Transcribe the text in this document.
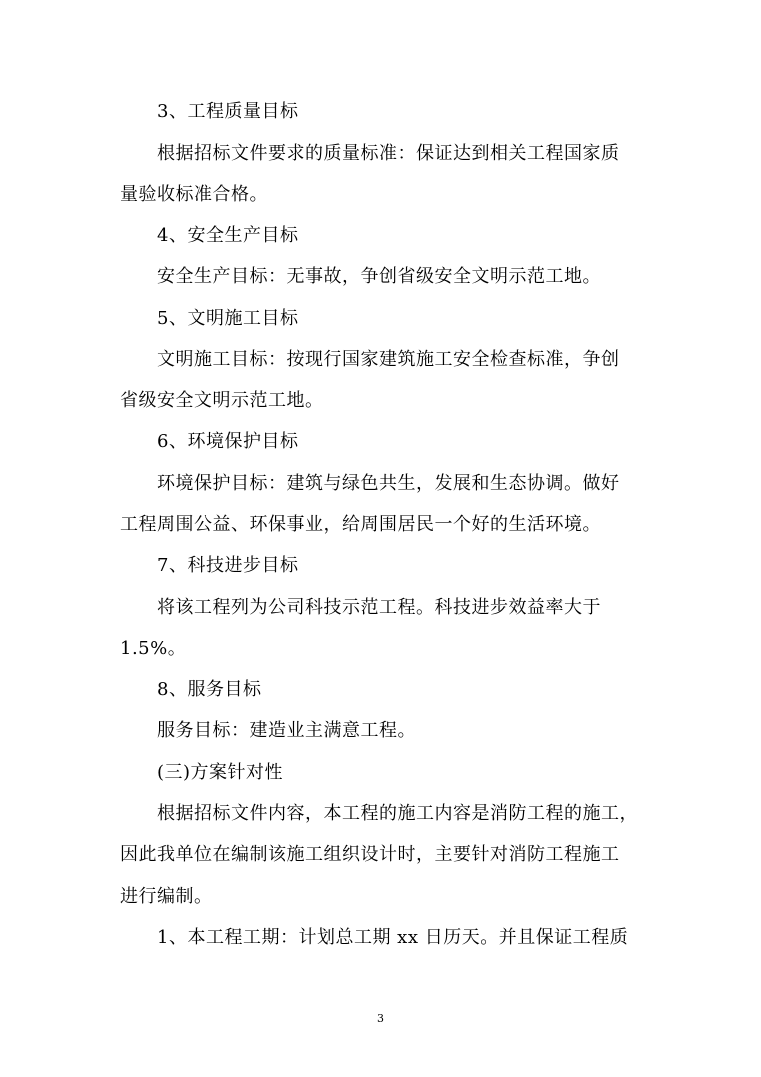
3、工程质量目标
根据招标文件要求的质量标准：保证达到相关工程国家质
量验收标准合格。
4、安全生产目标
安全生产目标：无事故，争创省级安全文明示范工地。
5、文明施工目标
文明施工目标：按现行国家建筑施工安全检查标准，争创
省级安全文明示范工地。
6、环境保护目标
环境保护目标：建筑与绿色共生，发展和生态协调。做好
工程周围公益、环保事业，给周围居民一个好的生活环境。
7、科技进步目标
将该工程列为公司科技示范工程。科技进步效益率大于
1.5%。
8、服务目标
服务目标：建造业主满意工程。
(三)方案针对性
根据招标文件内容，本工程的施工内容是消防工程的施工，
因此我单位在编制该施工组织设计时，主要针对消防工程施工
进行编制。
1、本工程工期：计划总工期 xx 日历天。并且保证工程质
3
